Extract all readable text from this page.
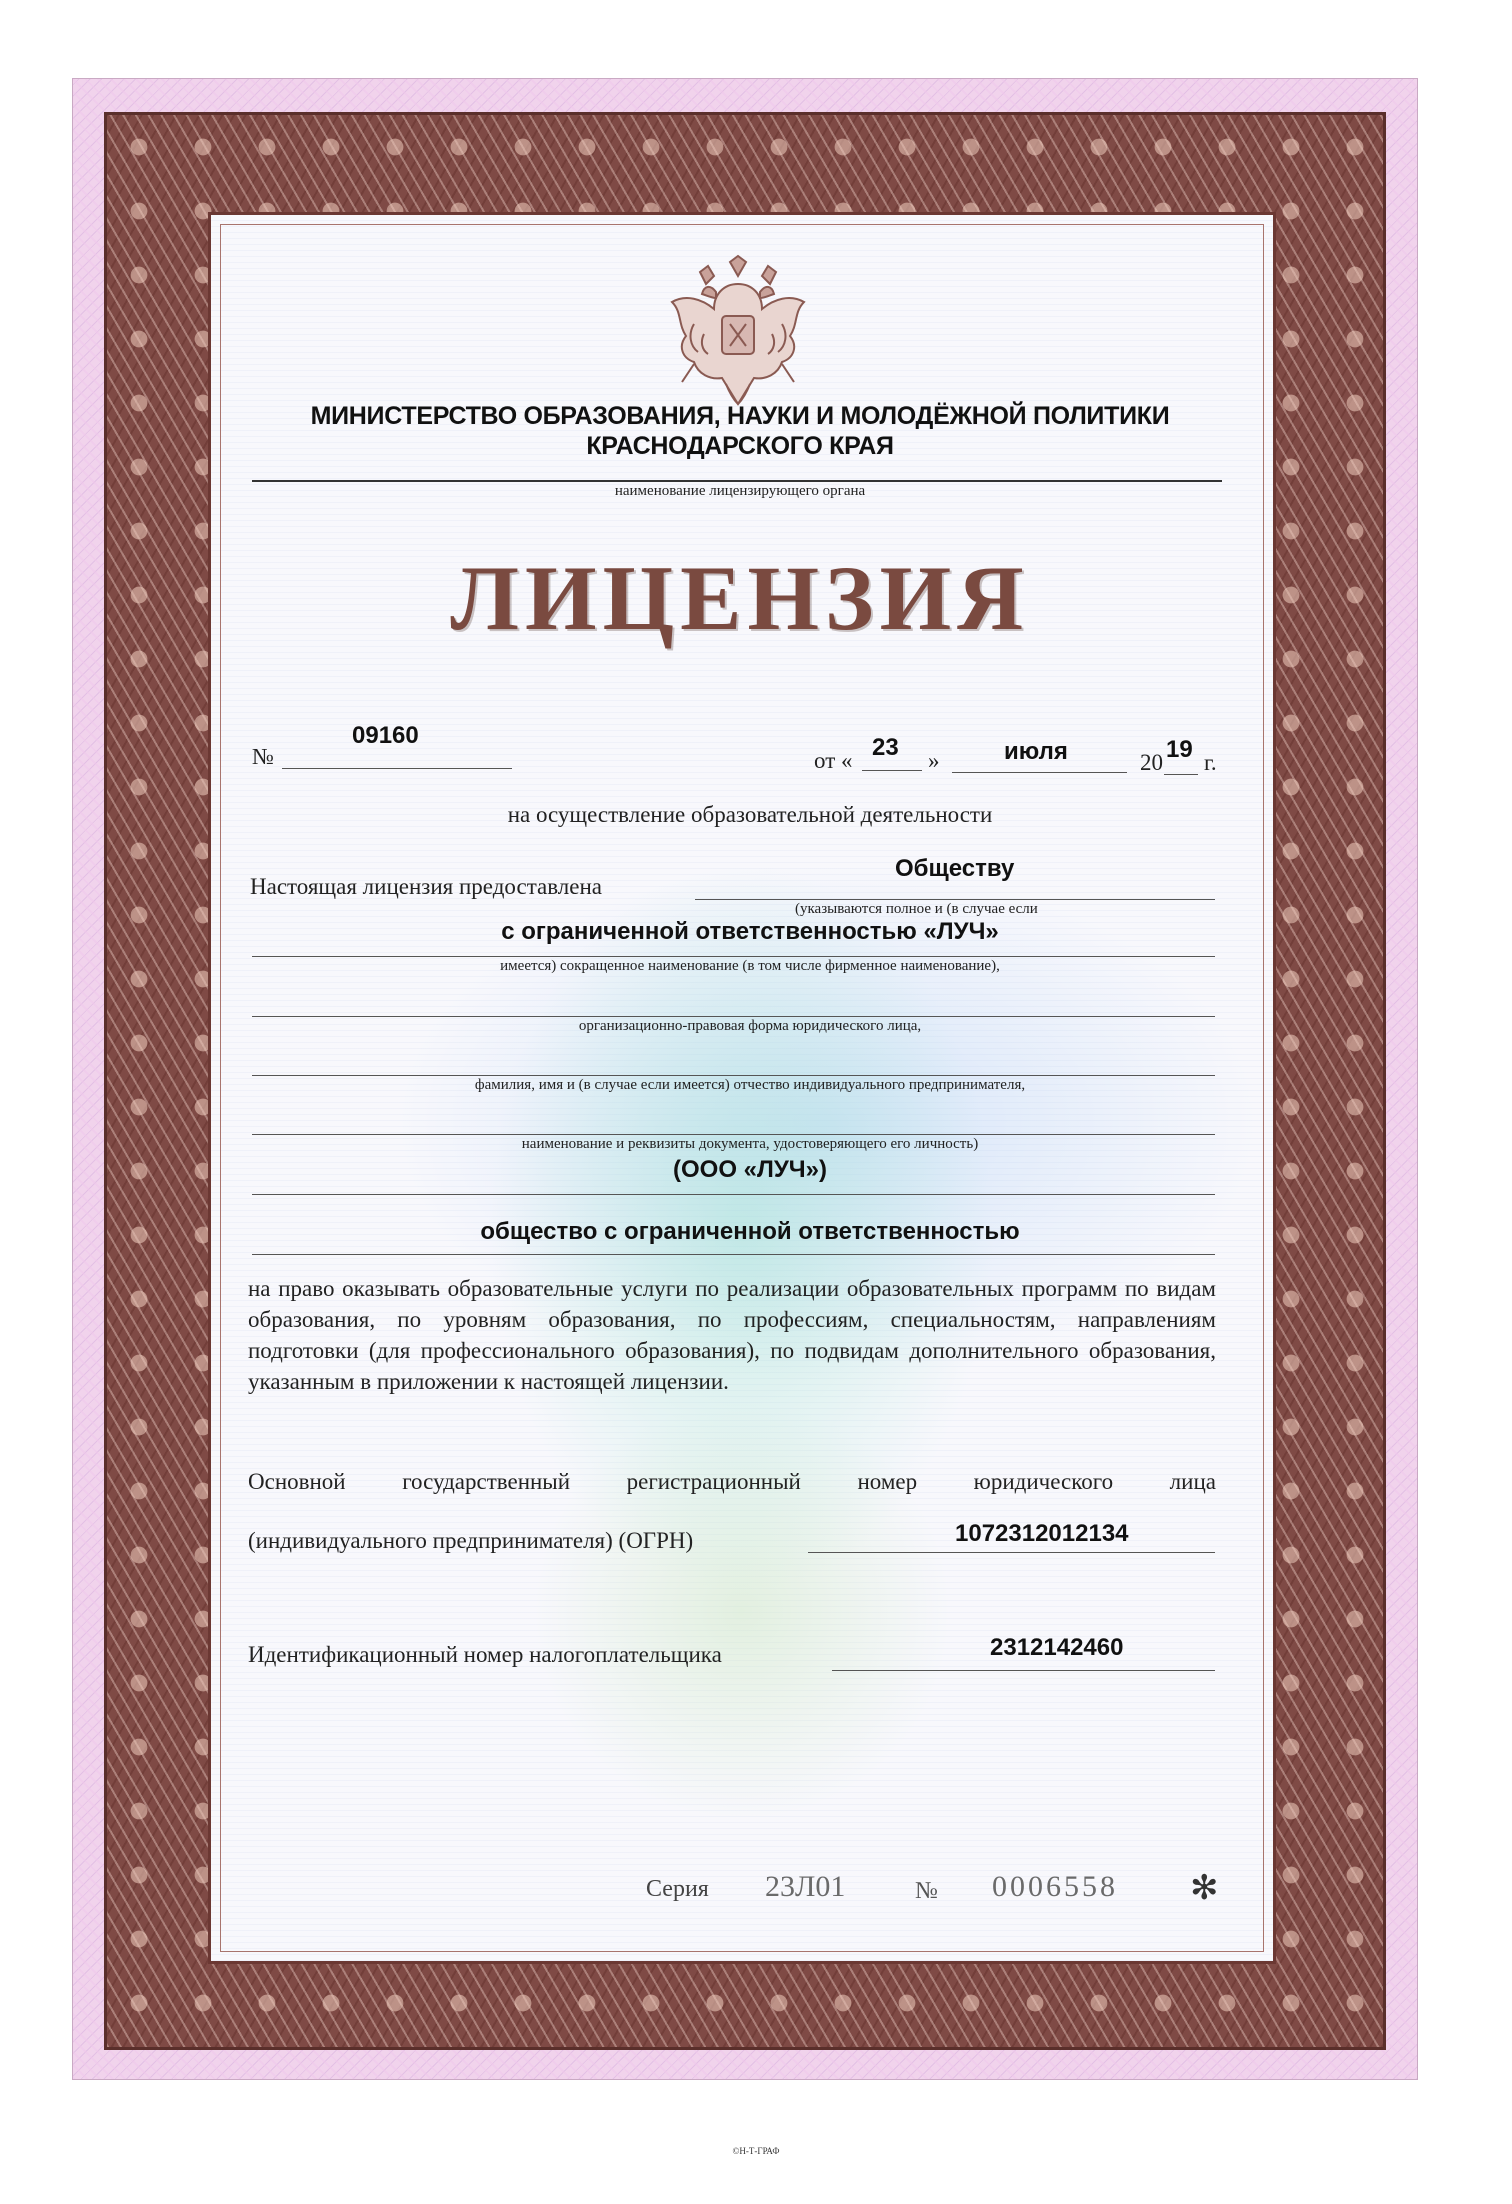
МИНИСТЕРСТВО ОБРАЗОВАНИЯ, НАУКИ И МОЛОДЁЖНОЙ ПОЛИТИКИ
КРАСНОДАРСКОГО КРАЯ
наименование лицензирующего органа
ЛИЦЕНЗИЯ
№
09160
от « 23 »	июля	20 19 г.
на осуществление образовательной деятельности
Настоящая лицензия предоставлена
Обществу
(указываются полное и (в случае если
с ограниченной ответственностью «ЛУЧ»
имеется) сокращенное наименование (в том числе фирменное наименование),
организационно-правовая форма юридического лица,
фамилия, имя и (в случае если имеется) отчество индивидуального предпринимателя,
наименование и реквизиты документа, удостоверяющего его личность)
(ООО «ЛУЧ»)
общество с ограниченной ответственностью
на право оказывать образовательные услуги по реализации образовательных программ по видам образования, по уровням образования, по профессиям, специальностям, направлениям подготовки (для профессионального образования), по подвидам дополнительного образования, указанным в приложении к настоящей лицензии.
Основной государственный регистрационный номер юридического лица
(индивидуального предпринимателя) (ОГРН)	1072312012134
Идентификационный номер налогоплательщика	2312142460
Серия 23Л01	№ 0006558 ✻
©Н-Т-ГРАФ
